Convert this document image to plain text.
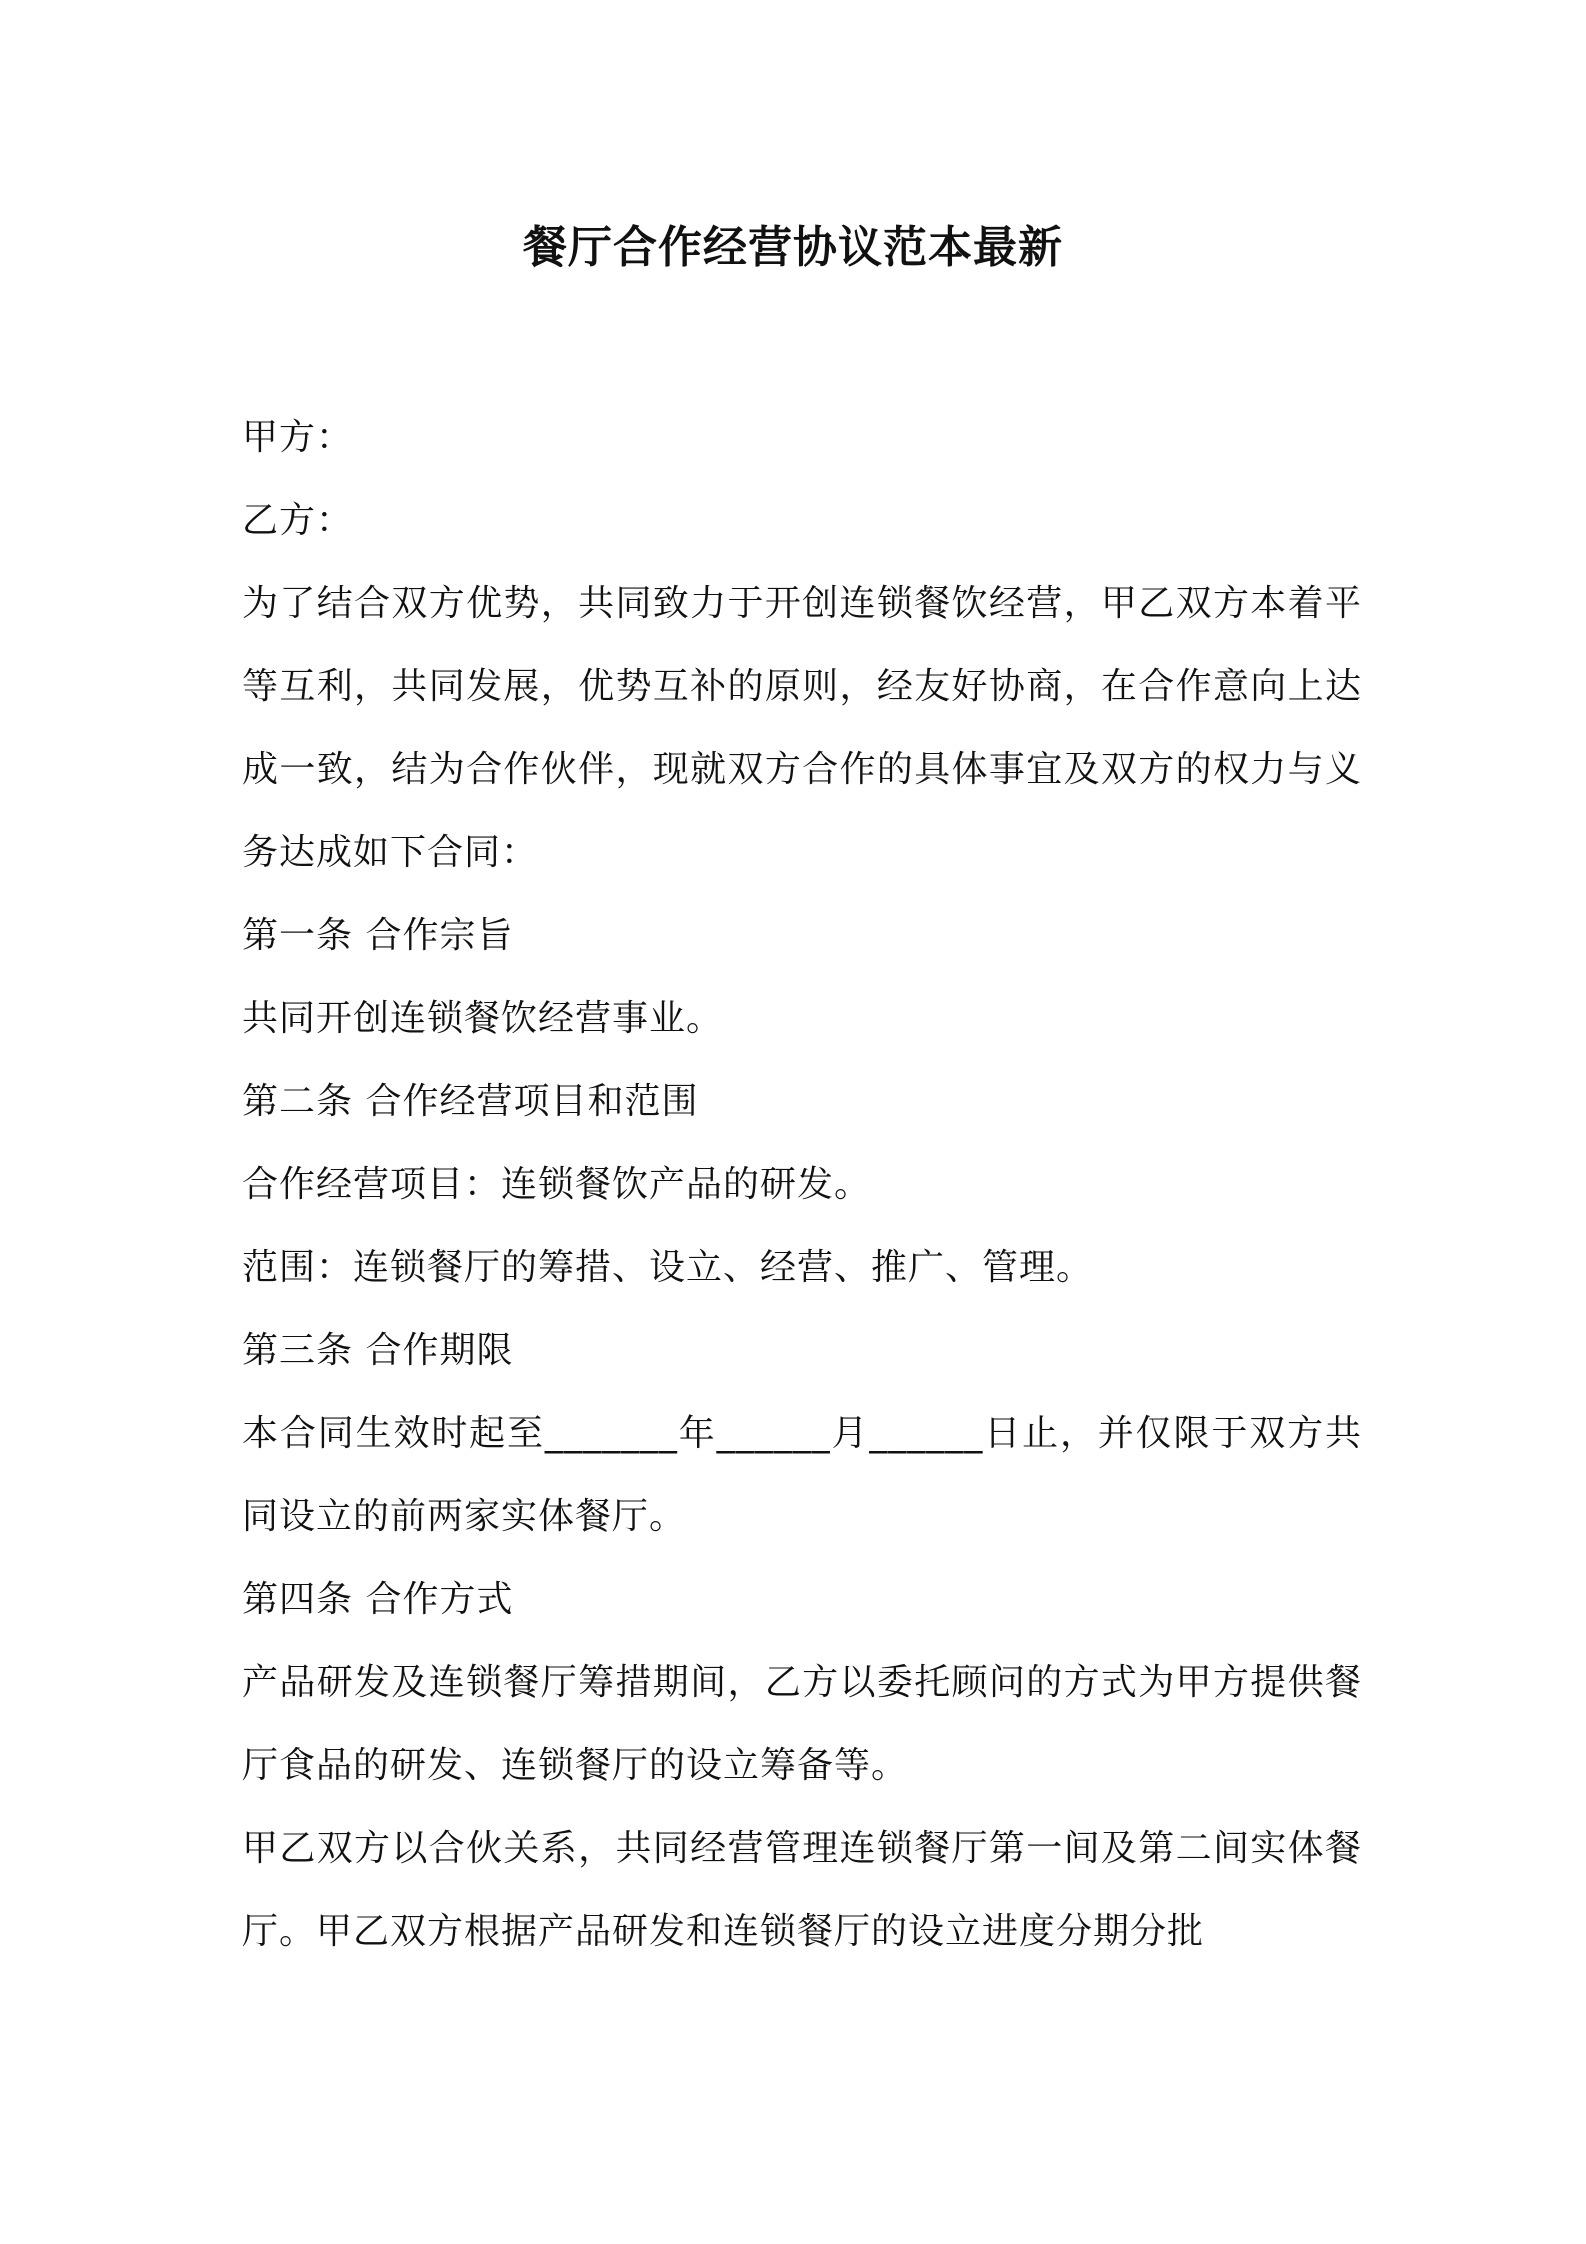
餐厅合作经营协议范本最新
甲方：
乙方：

为了结合双方优势，共同致力于开创连锁餐饮经营，甲乙双方本着平等互利，共同发展，优势互补的原则，经友好协商，在合作意向上达成一致，结为合作伙伴，现就双方合作的具体事宜及双方的权力与义务达成如下合同：

第一条 合作宗旨
共同开创连锁餐饮经营事业。
第二条 合作经营项目和范围
合作经营项目：连锁餐饮产品的研发。
范围：连锁餐厅的筹措、设立、经营、推广、管理。
第三条 合作期限

本合同生效时起至_______年______月______日止，并仅限于双方共同设立的前两家实体餐厅。

第四条 合作方式

产品研发及连锁餐厅筹措期间，乙方以委托顾问的方式为甲方提供餐厅食品的研发、连锁餐厅的设立筹备等。

甲乙双方以合伙关系，共同经营管理连锁餐厅第一间及第二间实体餐厅。甲乙双方根据产品研发和连锁餐厅的设立进度分期分批
